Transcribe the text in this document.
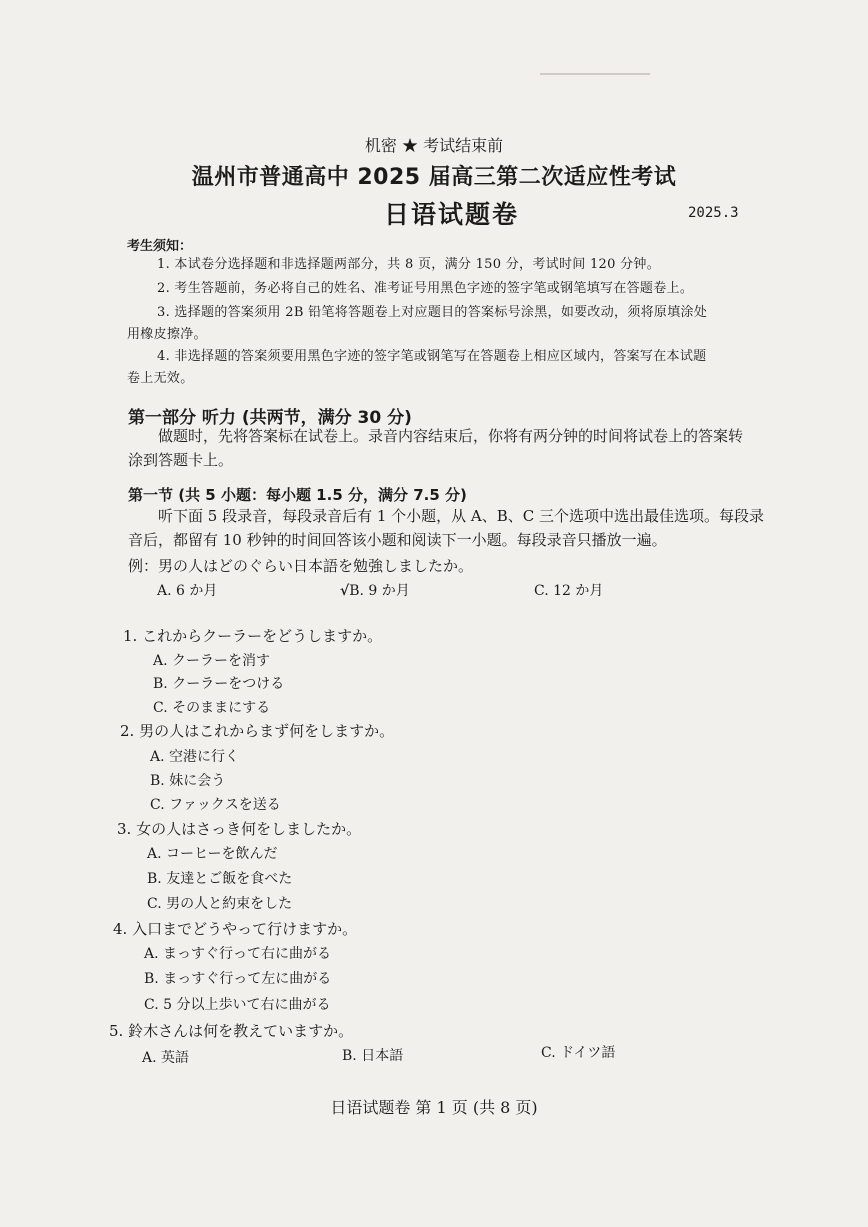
机密 ★ 考试结束前
温州市普通高中 2025 届高三第二次适应性考试
日语试题卷	2025.3
考生须知：
1. 本试卷分选择题和非选择题两部分，共 8 页，满分 150 分，考试时间 120 分钟。
2. 考生答题前，务必将自己的姓名、准考证号用黑色字迹的签字笔或钢笔填写在答题卷上。
3. 选择题的答案须用 2B 铅笔将答题卷上对应题目的答案标号涂黑，如要改动，须将原填涂处
用橡皮擦净。
4. 非选择题的答案须要用黑色字迹的签字笔或钢笔写在答题卷上相应区域内，答案写在本试题
卷上无效。
第一部分 听力 (共两节，满分 30 分)
做题时，先将答案标在试卷上。录音内容结束后，你将有两分钟的时间将试卷上的答案转
涂到答题卡上。
第一节 (共 5 小题：每小题 1.5 分，满分 7.5 分)
听下面 5 段录音，每段录音后有 1 个小题，从 A、B、C 三个选项中选出最佳选项。每段录
音后，都留有 10 秒钟的时间回答该小题和阅读下一小题。每段录音只播放一遍。
例：男の人はどのぐらい日本語を勉強しましたか。
A. 6 か月	√B. 9 か月	C. 12 か月
1. これからクーラーをどうしますか。
A. クーラーを消す
B. クーラーをつける
C. そのままにする
2. 男の人はこれからまず何をしますか。
A. 空港に行く
B. 妹に会う
C. ファックスを送る
3. 女の人はさっき何をしましたか。
A. コーヒーを飲んだ
B. 友達とご飯を食べた
C. 男の人と約束をした
4. 入口までどうやって行けますか。
A. まっすぐ行って右に曲がる
B. まっすぐ行って左に曲がる
C. 5 分以上歩いて右に曲がる
5. 鈴木さんは何を教えていますか。
A. 英語	B. 日本語	C. ドイツ語
日语试题卷 第 1 页 (共 8 页)
